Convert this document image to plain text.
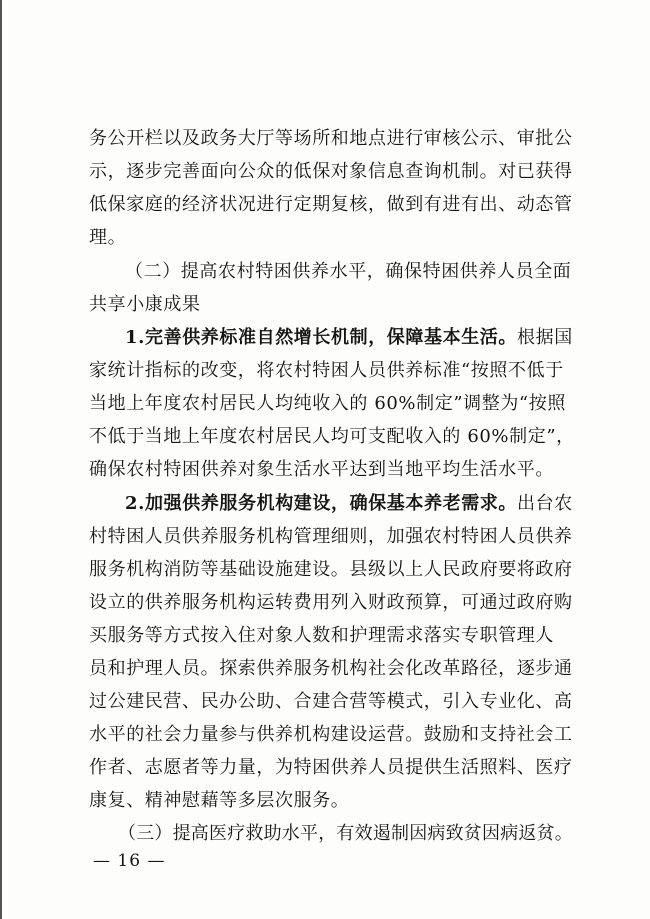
务公开栏以及政务大厅等场所和地点进行审核公示、审批公
示，逐步完善面向公众的低保对象信息查询机制。对已获得
低保家庭的经济状况进行定期复核，做到有进有出、动态管
理。
（二）提高农村特困供养水平，确保特困供养人员全面
共享小康成果
1.完善供养标准自然增长机制，保障基本生活。根据国
家统计指标的改变，将农村特困人员供养标准“按照不低于
当地上年度农村居民人均纯收入的 60%制定”调整为“按照
不低于当地上年度农村居民人均可支配收入的 60%制定”，
确保农村特困供养对象生活水平达到当地平均生活水平。
2.加强供养服务机构建设，确保基本养老需求。出台农
村特困人员供养服务机构管理细则，加强农村特困人员供养
服务机构消防等基础设施建设。县级以上人民政府要将政府
设立的供养服务机构运转费用列入财政预算，可通过政府购
买服务等方式按入住对象人数和护理需求落实专职管理人
员和护理人员。探索供养服务机构社会化改革路径，逐步通
过公建民营、民办公助、合建合营等模式，引入专业化、高
水平的社会力量参与供养机构建设运营。鼓励和支持社会工
作者、志愿者等力量，为特困供养人员提供生活照料、医疗
康复、精神慰藉等多层次服务。
（三）提高医疗救助水平，有效遏制因病致贫因病返贫。
— 16 —
